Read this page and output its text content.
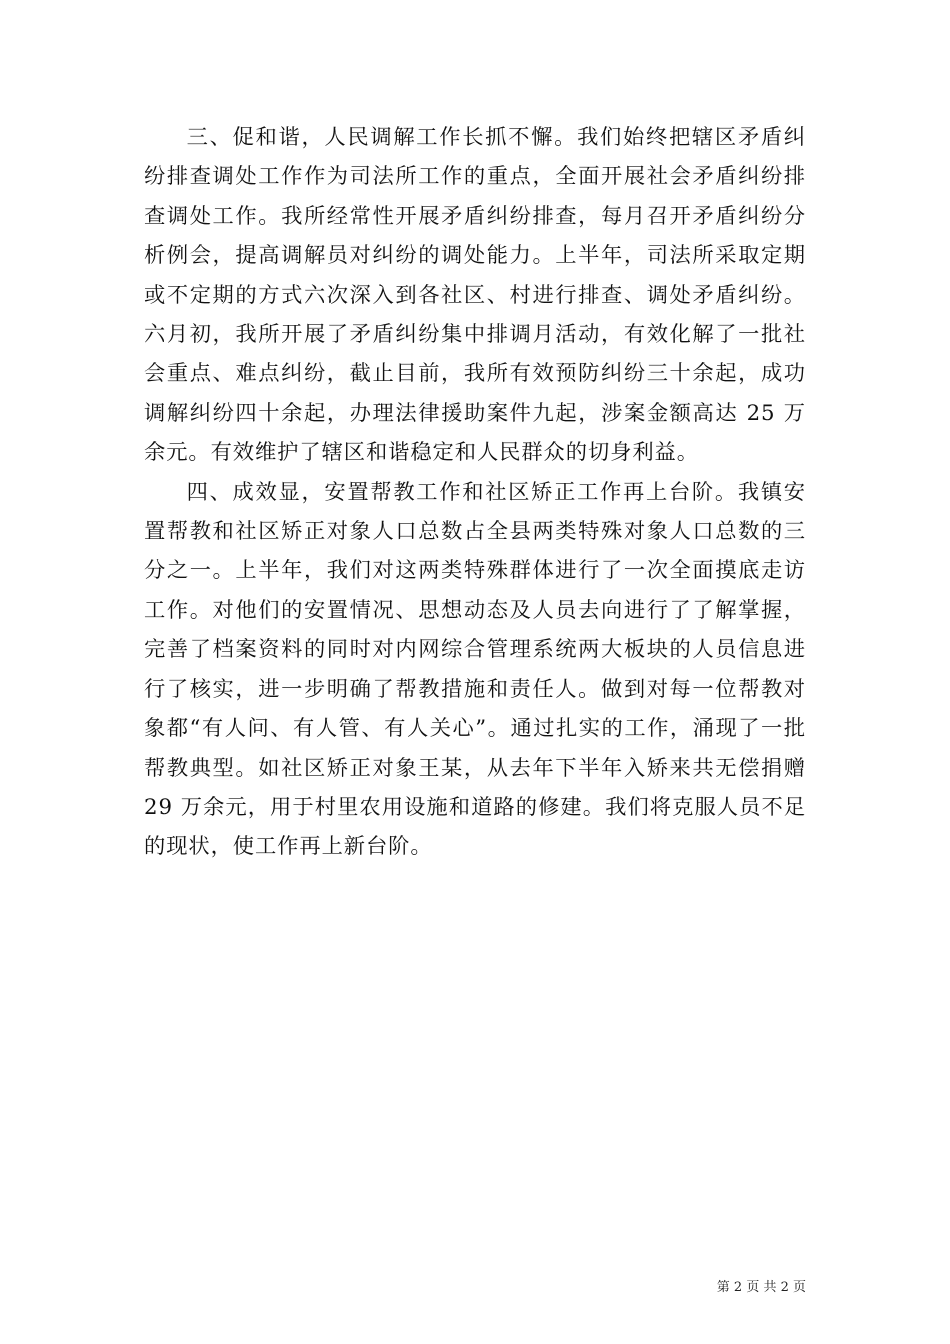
三、促和谐，人民调解工作长抓不懈。我们始终把辖区矛盾纠纷排查调处工作作为司法所工作的重点，全面开展社会矛盾纠纷排查调处工作。我所经常性开展矛盾纠纷排查，每月召开矛盾纠纷分析例会，提高调解员对纠纷的调处能力。上半年，司法所采取定期或不定期的方式六次深入到各社区、村进行排查、调处矛盾纠纷。六月初，我所开展了矛盾纠纷集中排调月活动，有效化解了一批社会重点、难点纠纷，截止目前，我所有效预防纠纷三十余起，成功调解纠纷四十余起，办理法律援助案件九起，涉案金额高达 25 万余元。有效维护了辖区和谐稳定和人民群众的切身利益。

四、成效显，安置帮教工作和社区矫正工作再上台阶。我镇安置帮教和社区矫正对象人口总数占全县两类特殊对象人口总数的三分之一。上半年，我们对这两类特殊群体进行了一次全面摸底走访工作。对他们的安置情况、思想动态及人员去向进行了了解掌握，完善了档案资料的同时对内网综合管理系统两大板块的人员信息进行了核实，进一步明确了帮教措施和责任人。做到对每一位帮教对象都“有人问、有人管、有人关心”。通过扎实的工作，涌现了一批帮教典型。如社区矫正对象王某，从去年下半年入矫来共无偿捐赠 29 万余元，用于村里农用设施和道路的修建。我们将克服人员不足的现状，使工作再上新台阶。

第 2 页 共 2 页
